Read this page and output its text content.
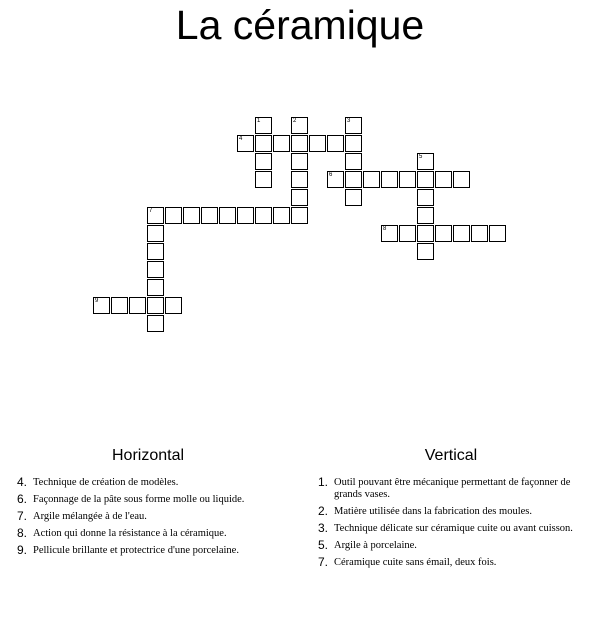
La céramique
1	2	3
4
5
6
7
8
9
Horizontal	Vertical
4. Technique de création de modèles.
6. Façonnage de la pâte sous forme molle ou liquide.
7. Argile mélangée à de l'eau.
8. Action qui donne la résistance à la céramique.
9. Pellicule brillante et protectrice d'une porcelaine.
1. Outil pouvant être mécanique permettant de façonner de grands vases.
2. Matière utilisée dans la fabrication des moules.
3. Technique délicate sur céramique cuite ou avant cuisson.
5. Argile à porcelaine.
7. Céramique cuite sans émail, deux fois.
